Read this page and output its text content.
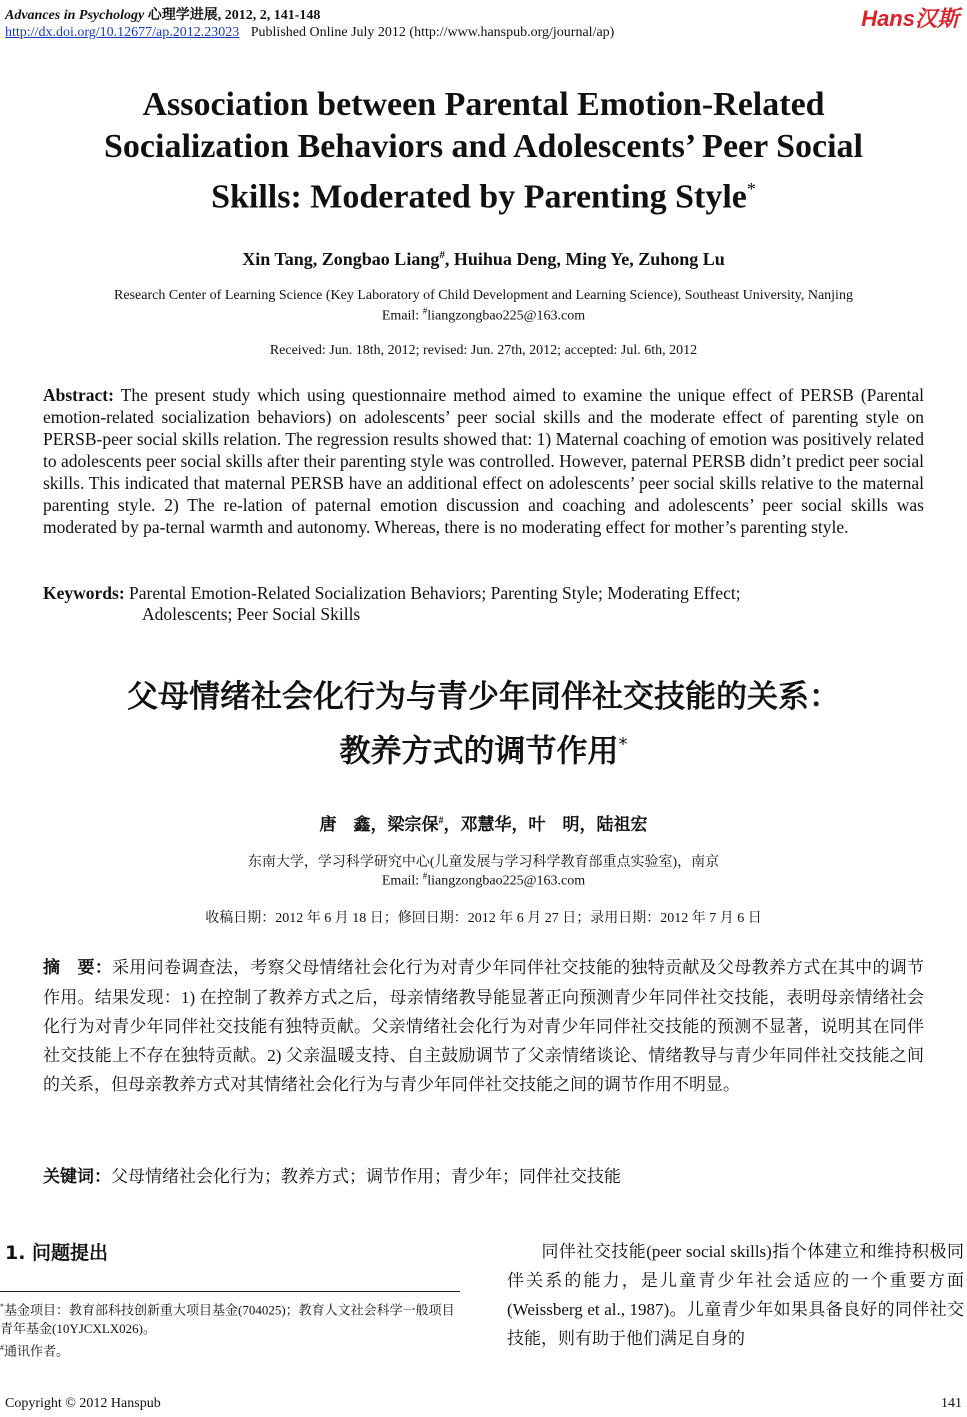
Advances in Psychology 心理学进展, 2012, 2, 141-148
http://dx.doi.org/10.12677/ap.2012.23023 Published Online July 2012 (http://www.hanspub.org/journal/ap)
Hans汉斯
Association between Parental Emotion-Related
Socialization Behaviors and Adolescents’ Peer Social
Skills: Moderated by Parenting Style*
Xin Tang, Zongbao Liang#, Huihua Deng, Ming Ye, Zuhong Lu
Research Center of Learning Science (Key Laboratory of Child Development and Learning Science), Southeast University, Nanjing
Email: #liangzongbao225@163.com
Received: Jun. 18th, 2012; revised: Jun. 27th, 2012; accepted: Jul. 6th, 2012
Abstract: The present study which using questionnaire method aimed to examine the unique effect of PERSB (Parental emotion-related socialization behaviors) on adolescents’ peer social skills and the moderate effect of parenting style on PERSB-peer social skills relation. The regression results showed that: 1) Maternal coaching of emotion was positively related to adolescents peer social skills after their parenting style was controlled. However, paternal PERSB didn’t predict peer social skills. This indicated that maternal PERSB have an additional effect on adolescents’ peer social skills relative to the maternal parenting style. 2) The re-lation of paternal emotion discussion and coaching and adolescents’ peer social skills was moderated by pa-ternal warmth and autonomy. Whereas, there is no moderating effect for mother’s parenting style.
Keywords: Parental Emotion-Related Socialization Behaviors; Parenting Style; Moderating Effect;
Adolescents; Peer Social Skills
父母情绪社会化行为与青少年同伴社交技能的关系：
教养方式的调节作用*
唐　鑫，梁宗保#，邓慧华，叶　明，陆祖宏
东南大学，学习科学研究中心(儿童发展与学习科学教育部重点实验室)，南京
Email: #liangzongbao225@163.com
收稿日期：2012 年 6 月 18 日；修回日期：2012 年 6 月 27 日；录用日期：2012 年 7 月 6 日
摘　要：采用问卷调查法，考察父母情绪社会化行为对青少年同伴社交技能的独特贡献及父母教养方式在其中的调节作用。结果发现：1) 在控制了教养方式之后，母亲情绪教导能显著正向预测青少年同伴社交技能，表明母亲情绪社会化行为对青少年同伴社交技能有独特贡献。父亲情绪社会化行为对青少年同伴社交技能的预测不显著，说明其在同伴社交技能上不存在独特贡献。2) 父亲温暖支持、自主鼓励调节了父亲情绪谈论、情绪教导与青少年同伴社交技能之间的关系，但母亲教养方式对其情绪社会化行为与青少年同伴社交技能之间的调节作用不明显。
关键词：父母情绪社会化行为；教养方式；调节作用；青少年；同伴社交技能
1. 问题提出
*基金项目：教育部科技创新重大项目基金(704025)；教育人文社会科学一般项目青年基金(10YJCXLX026)。
#通讯作者。
同伴社交技能(peer social skills)指个体建立和维持积极同伴关系的能力，是儿童青少年社会适应的一个重要方面(Weissberg et al., 1987)。儿童青少年如果具备良好的同伴社交技能，则有助于他们满足自身的
Copyright © 2012 Hanspub	141
